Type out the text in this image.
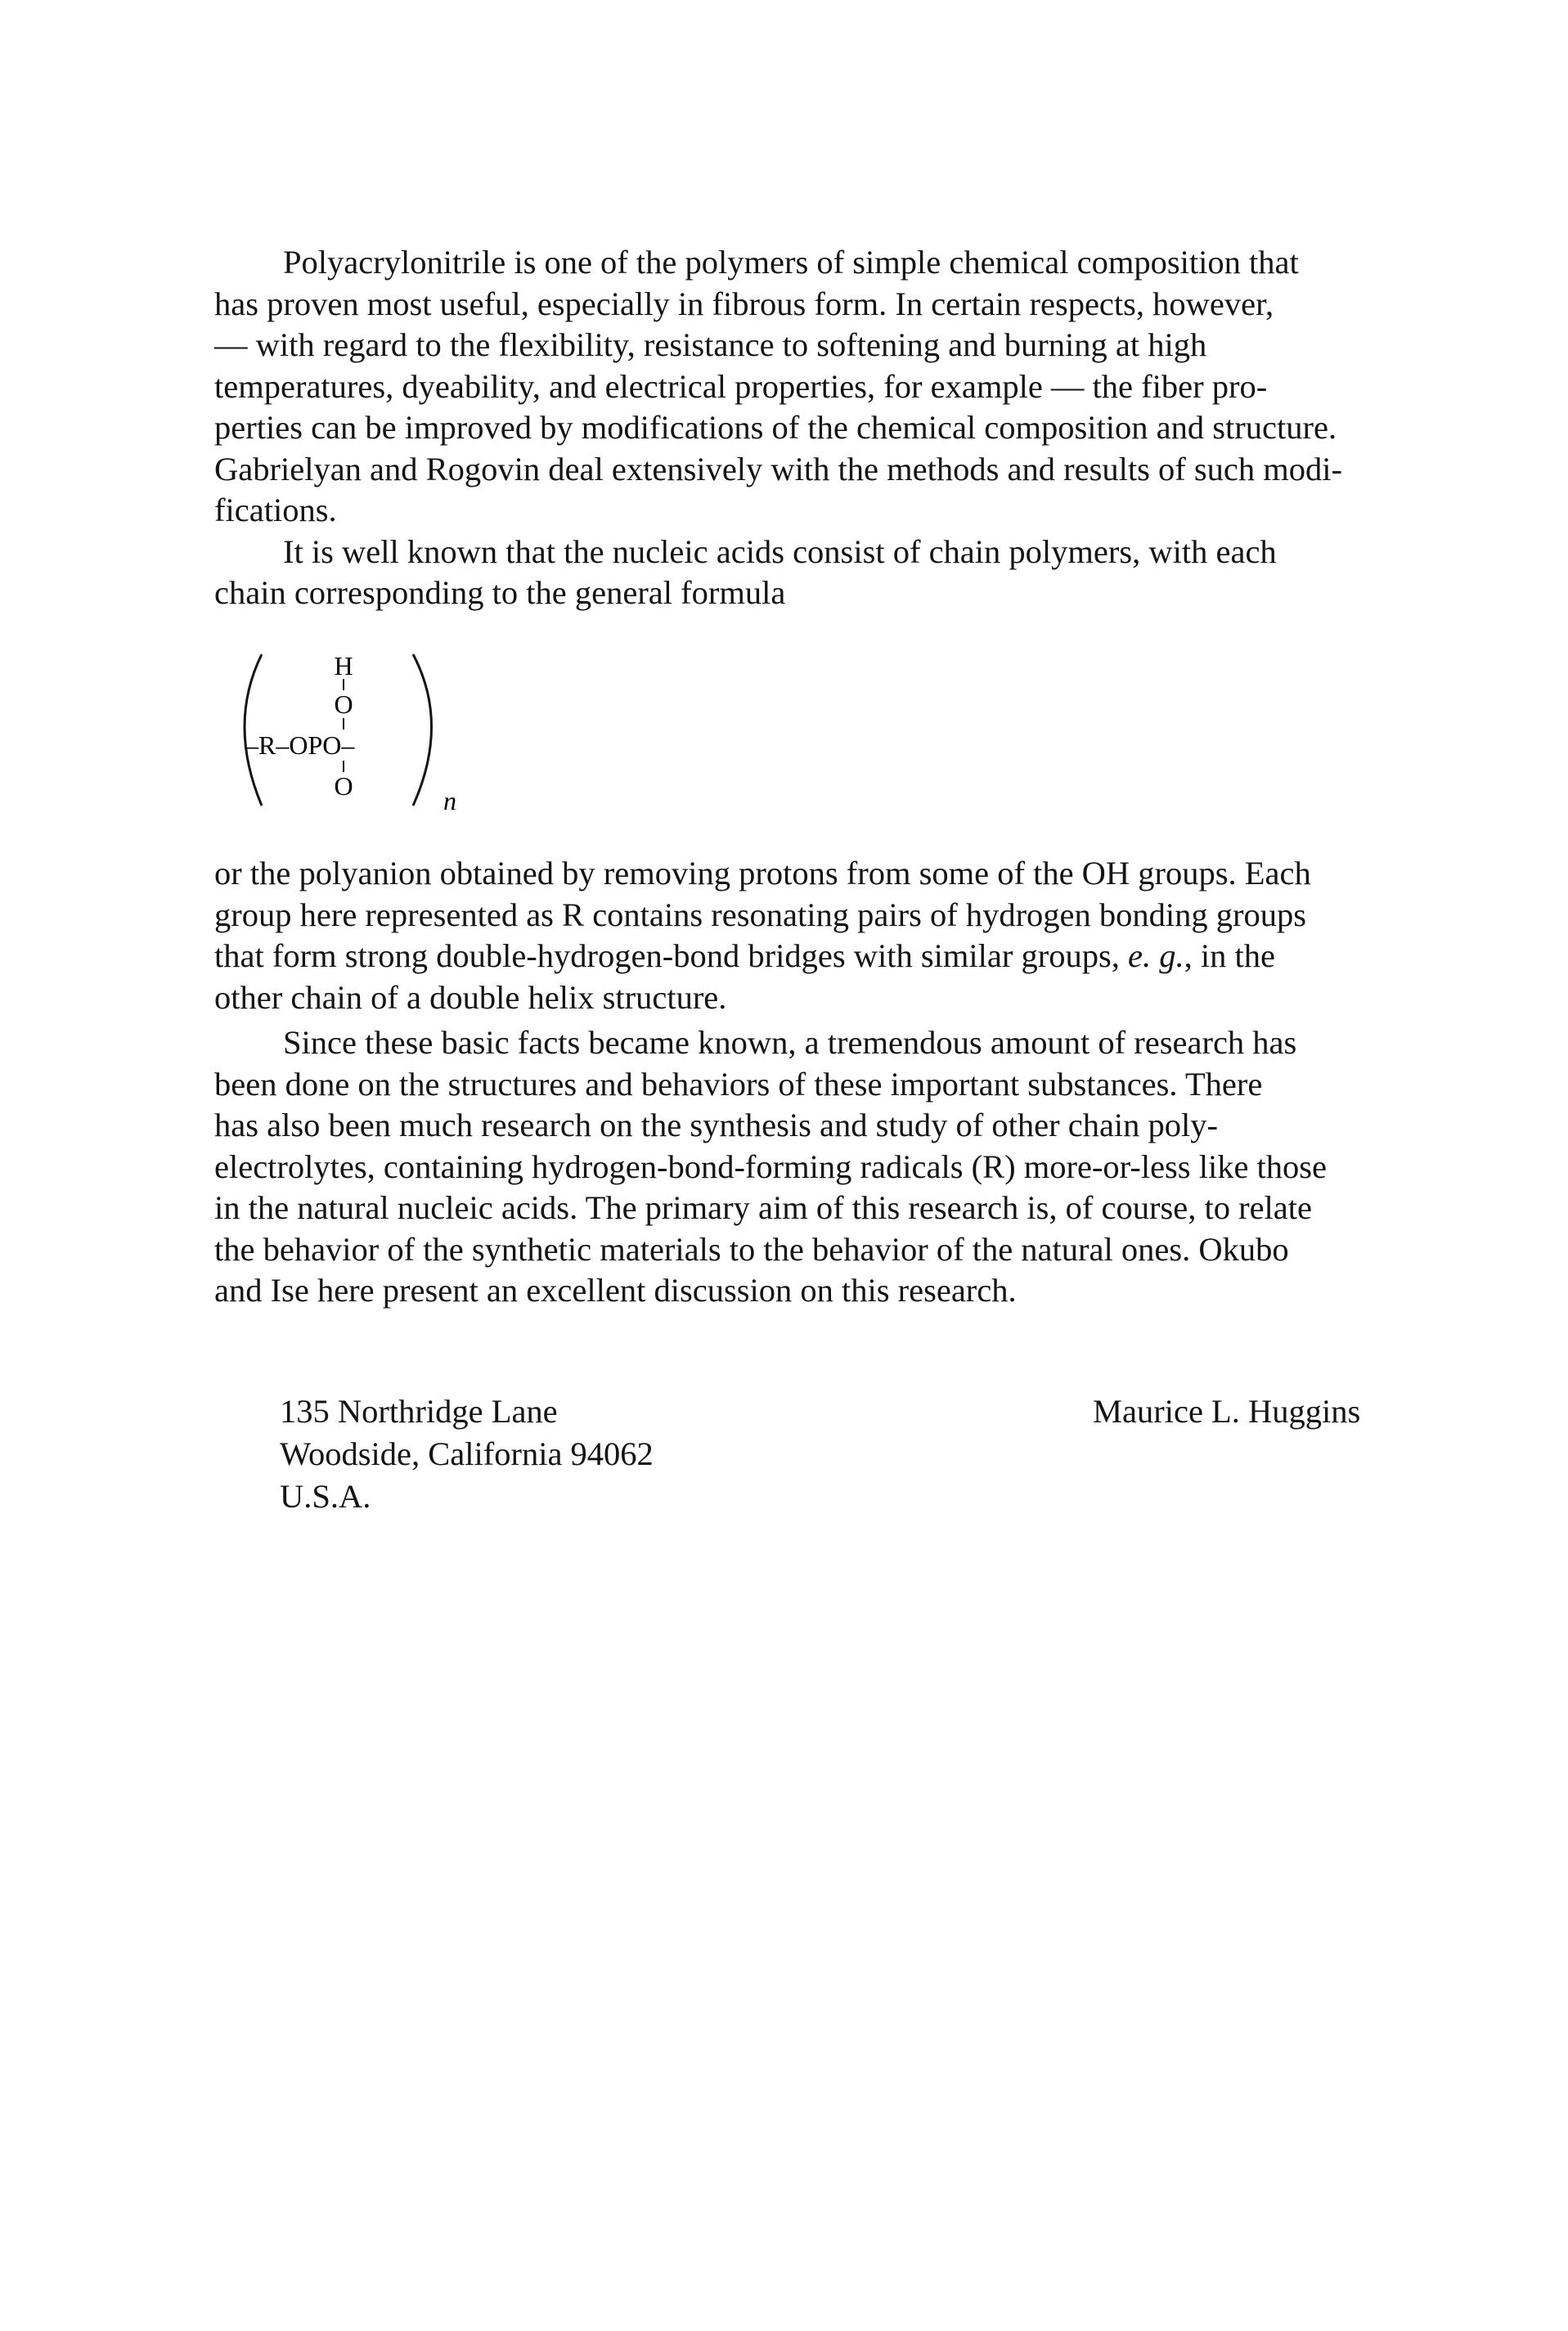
Polyacrylonitrile is one of the polymers of simple chemical composition that
has proven most useful, especially in fibrous form. In certain respects, however,
–– with regard to the flexibility, resistance to softening and burning at high
temperatures, dyeability, and electrical properties, for example –– the fiber pro-
perties can be improved by modifications of the chemical composition and structure.
Gabrielyan and Rogovin deal extensively with the methods and results of such modi-
fications.
It is well known that the nucleic acids consist of chain polymers, with each
chain corresponding to the general formula
H
O
–R–OPO–
O	n
or the polyanion obtained by removing protons from some of the OH groups. Each
group here represented as R contains resonating pairs of hydrogen bonding groups
that form strong double-hydrogen-bond bridges with similar groups, e. g., in the
other chain of a double helix structure.
Since these basic facts became known, a tremendous amount of research has
been done on the structures and behaviors of these important substances. There
has also been much research on the synthesis and study of other chain poly-
electrolytes, containing hydrogen-bond-forming radicals (R) more-or-less like those
in the natural nucleic acids. The primary aim of this research is, of course, to relate
the behavior of the synthetic materials to the behavior of the natural ones. Okubo
and Ise here present an excellent discussion on this research.
135 Northridge Lane
Woodside, California 94062
U.S.A.
Maurice L. Huggins
